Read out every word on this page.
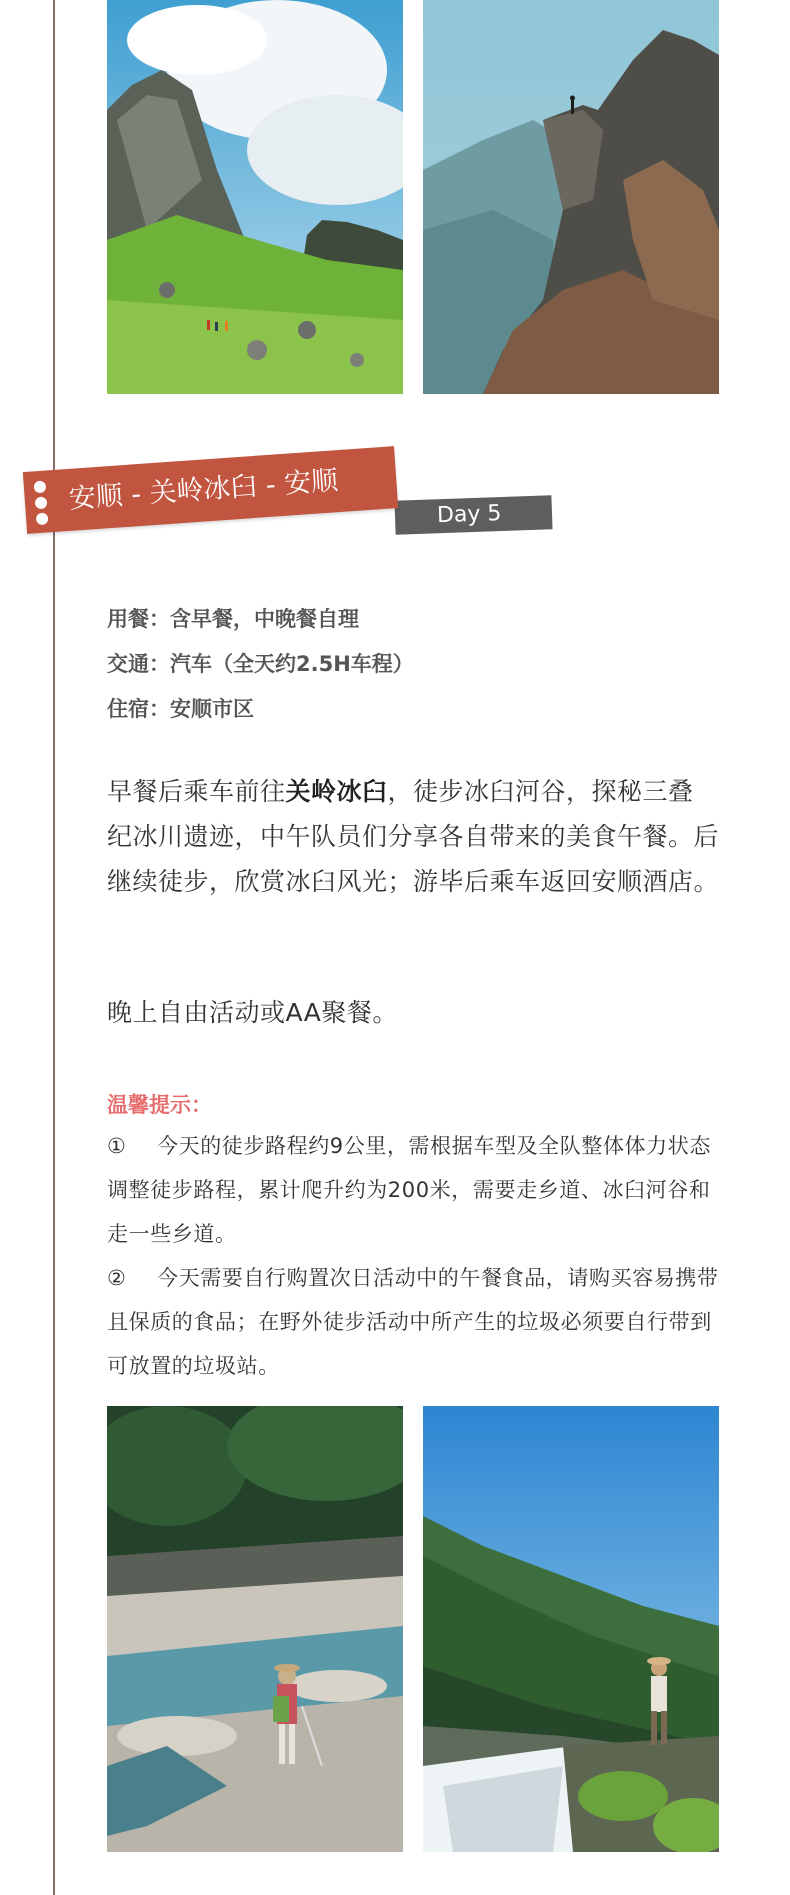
Day 5
安顺 - 关岭冰臼 - 安顺
用餐：含早餐，中晚餐自理
交通：汽车（全天约2.5H车程）
住宿：安顺市区
早餐后乘车前往关岭冰臼，徒步冰臼河谷，探秘三叠纪冰川遗迹，中午队员们分享各自带来的美食午餐。后继续徒步，欣赏冰臼风光；游毕后乘车返回安顺酒店。
晚上自由活动或AA聚餐。
温馨提示：

① 今天的徒步路程约9公里，需根据车型及全队整体体力状态调整徒步路程，累计爬升约为200米，需要走乡道、冰臼河谷和走一些乡道。

② 今天需要自行购置次日活动中的午餐食品，请购买容易携带且保质的食品；在野外徒步活动中所产生的垃圾必须要自行带到可放置的垃圾站。
